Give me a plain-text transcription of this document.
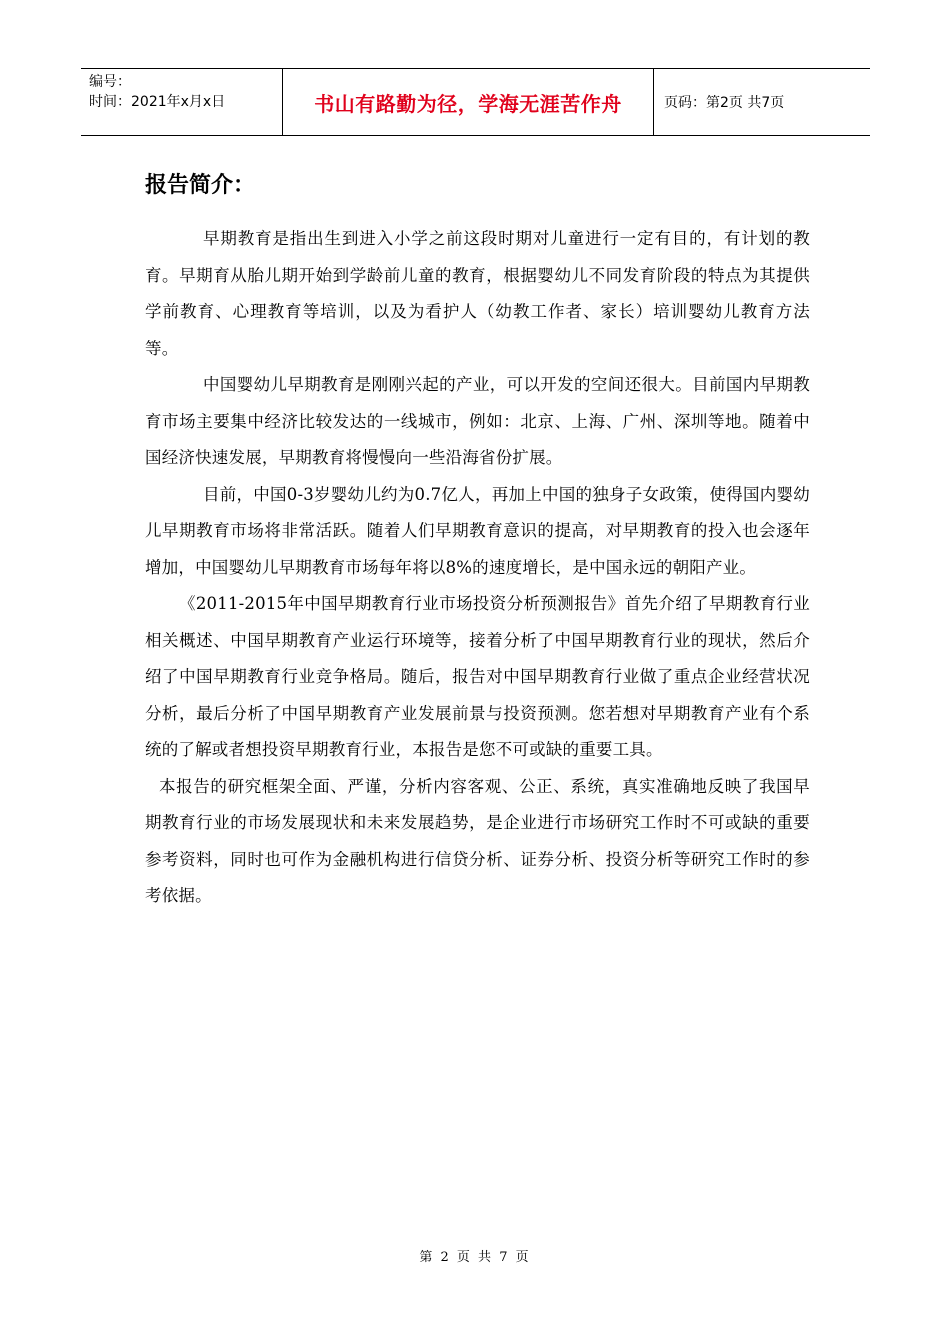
编号：
时间：2021年x月x日	书山有路勤为径，学海无涯苦作舟	页码：第2页 共7页
报告简介：

早期教育是指出生到进入小学之前这段时期对儿童进行一定有目的，有计划的教育。早期育从胎儿期开始到学龄前儿童的教育，根据婴幼儿不同发育阶段的特点为其提供学前教育、心理教育等培训，以及为看护人（幼教工作者、家长）培训婴幼儿教育方法等。

中国婴幼儿早期教育是刚刚兴起的产业，可以开发的空间还很大。目前国内早期教育市场主要集中经济比较发达的一线城市，例如：北京、上海、广州、深圳等地。随着中国经济快速发展，早期教育将慢慢向一些沿海省份扩展。

目前，中国0-3岁婴幼儿约为0.7亿人，再加上中国的独身子女政策，使得国内婴幼儿早期教育市场将非常活跃。随着人们早期教育意识的提高，对早期教育的投入也会逐年增加，中国婴幼儿早期教育市场每年将以8%的速度增长，是中国永远的朝阳产业。

《2011-2015年中国早期教育行业市场投资分析预测报告》首先介绍了早期教育行业相关概述、中国早期教育产业运行环境等，接着分析了中国早期教育行业的现状，然后介绍了中国早期教育行业竞争格局。随后，报告对中国早期教育行业做了重点企业经营状况分析，最后分析了中国早期教育产业发展前景与投资预测。您若想对早期教育产业有个系统的了解或者想投资早期教育行业，本报告是您不可或缺的重要工具。

本报告的研究框架全面、严谨，分析内容客观、公正、系统，真实准确地反映了我国早期教育行业的市场发展现状和未来发展趋势，是企业进行市场研究工作时不可或缺的重要参考资料，同时也可作为金融机构进行信贷分析、证券分析、投资分析等研究工作时的参考依据。

第 2 页 共 7 页
